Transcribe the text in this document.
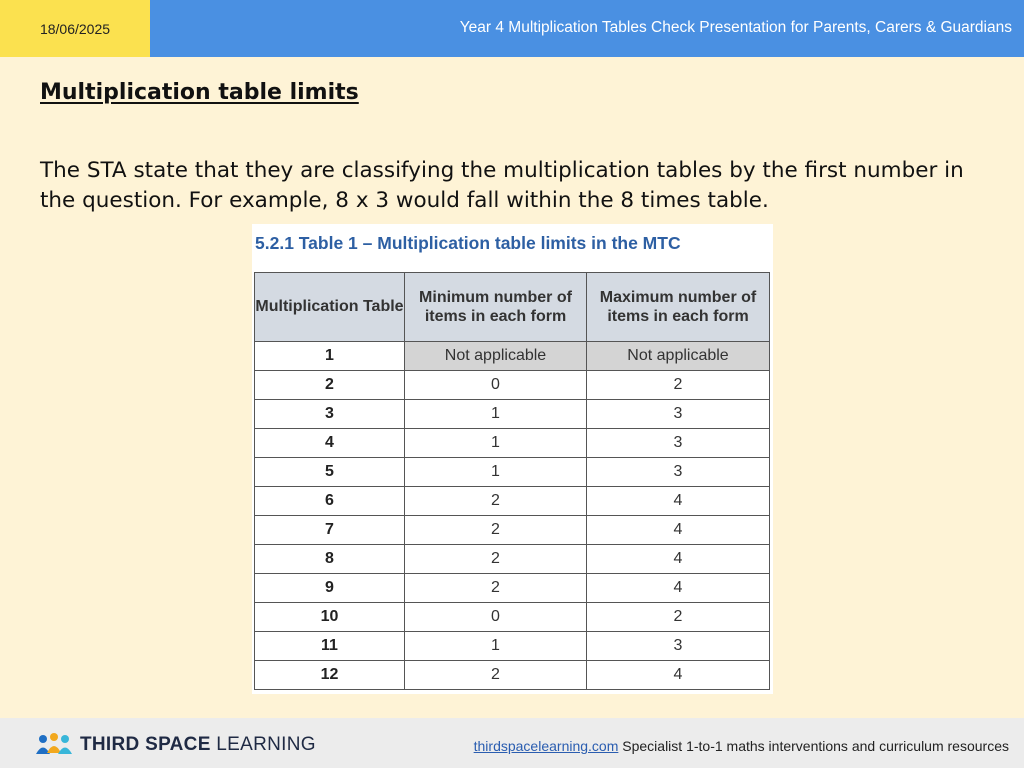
18/06/2025	Year 4 Multiplication Tables Check Presentation for Parents, Carers & Guardians
Multiplication table limits
The STA state that they are classifying the multiplication tables by the first number in the question. For example, 8 x 3 would fall within the 8 times table.
5.2.1 Table 1 – Multiplication table limits in the MTC
Multiplication Table	Minimum number of items in each form	Maximum number of items in each form
1	Not applicable	Not applicable
2	0	2
3	1	3
4	1	3
5	1	3
6	2	4
7	2	4
8	2	4
9	2	4
10	0	2
11	1	3
12	2	4
THIRD SPACE LEARNING	thirdspacelearning.com Specialist 1-to-1 maths interventions and curriculum resources
